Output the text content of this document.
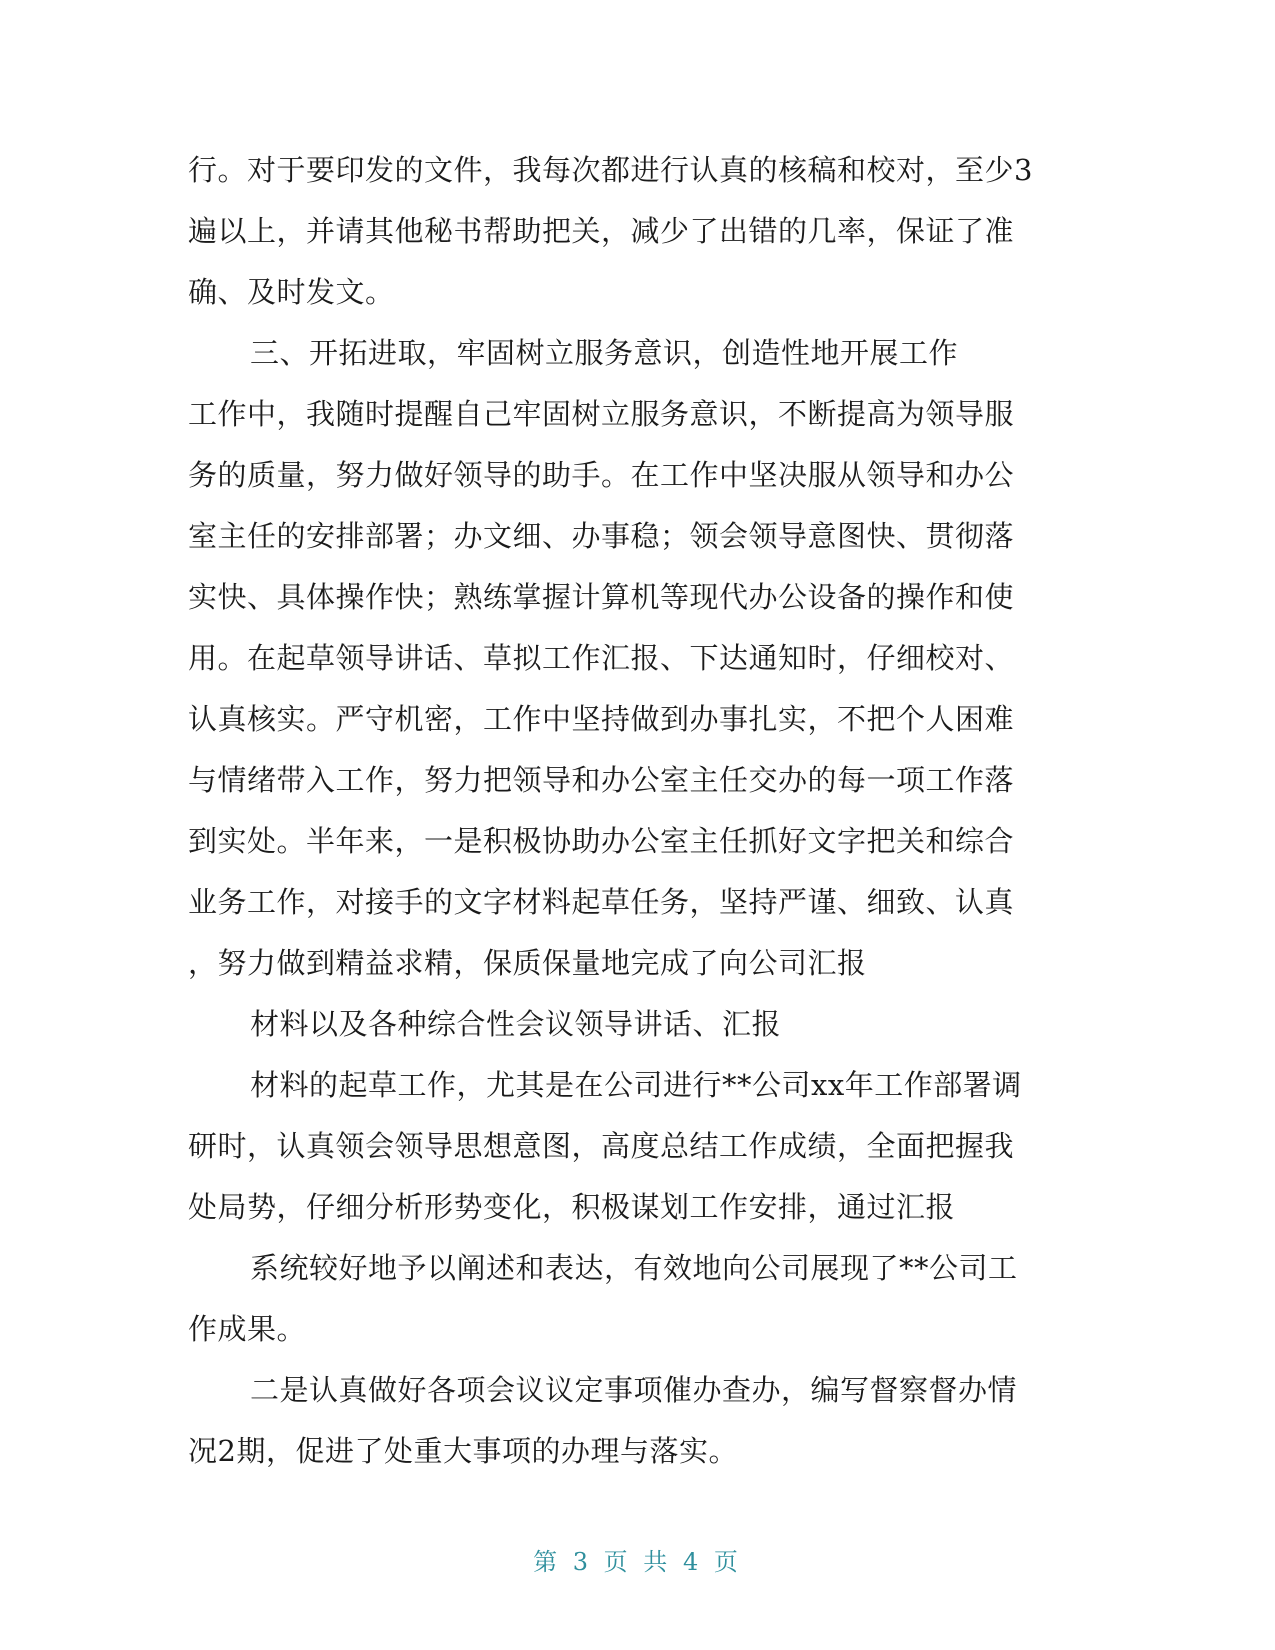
行。对于要印发的文件，我每次都进行认真的核稿和校对，至少3
遍以上，并请其他秘书帮助把关，减少了出错的几率，保证了准
确、及时发文。
三、开拓进取，牢固树立服务意识，创造性地开展工作
工作中，我随时提醒自己牢固树立服务意识，不断提高为领导服
务的质量，努力做好领导的助手。在工作中坚决服从领导和办公
室主任的安排部署；办文细、办事稳；领会领导意图快、贯彻落
实快、具体操作快；熟练掌握计算机等现代办公设备的操作和使
用。在起草领导讲话、草拟工作汇报、下达通知时，仔细校对、
认真核实。严守机密，工作中坚持做到办事扎实，不把个人困难
与情绪带入工作，努力把领导和办公室主任交办的每一项工作落
到实处。半年来，一是积极协助办公室主任抓好文字把关和综合
业务工作，对接手的文字材料起草任务，坚持严谨、细致、认真
，努力做到精益求精，保质保量地完成了向公司汇报
材料以及各种综合性会议领导讲话、汇报
材料的起草工作，尤其是在公司进行**公司xx年工作部署调
研时，认真领会领导思想意图，高度总结工作成绩，全面把握我
处局势，仔细分析形势变化，积极谋划工作安排，通过汇报
系统较好地予以阐述和表达，有效地向公司展现了**公司工
作成果。
二是认真做好各项会议议定事项催办查办，编写督察督办情
况2期，促进了处重大事项的办理与落实。
第 3 页 共 4 页
